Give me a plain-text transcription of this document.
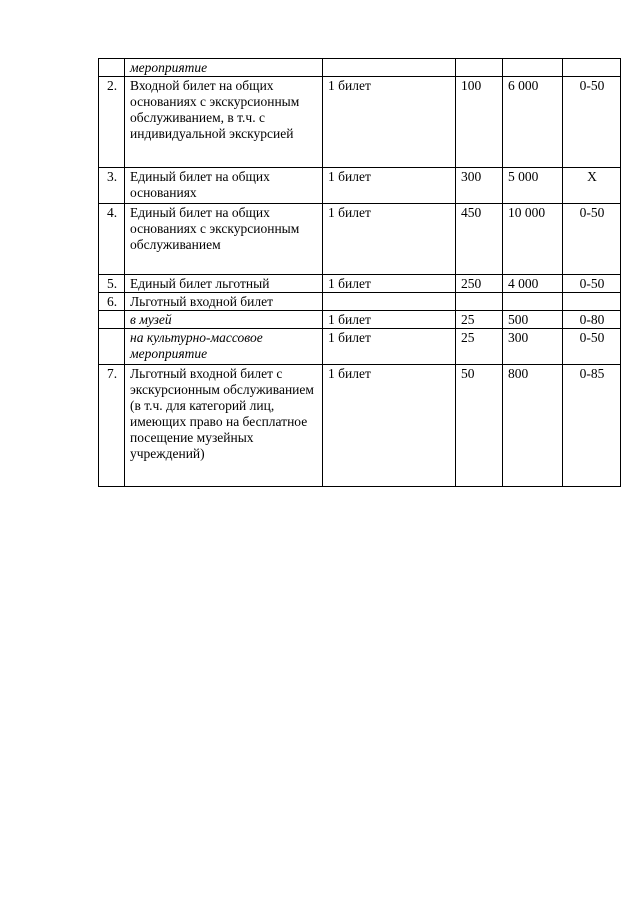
	мероприятие				
2.	Входной билет на общих основаниях с экскурсионным обслуживанием, в т.ч. с индивидуальной экскурсией	1 билет	100	6 000	0-50
3.	Единый билет на общих основаниях	1 билет	300	5 000	X
4.	Единый билет на общих основаниях с экскурсионным обслуживанием	1 билет	450	10 000	0-50
5.	Единый билет льготный	1 билет	250	4 000	0-50
6.	Льготный входной билет				
	в музей	1 билет	25	500	0-80
	на культурно-массовое мероприятие	1 билет	25	300	0-50
7.	Льготный входной билет с экскурсионным обслуживанием (в т.ч. для категорий лиц, имеющих право на бесплатное посещение музейных учреждений)	1 билет	50	800	0-85
